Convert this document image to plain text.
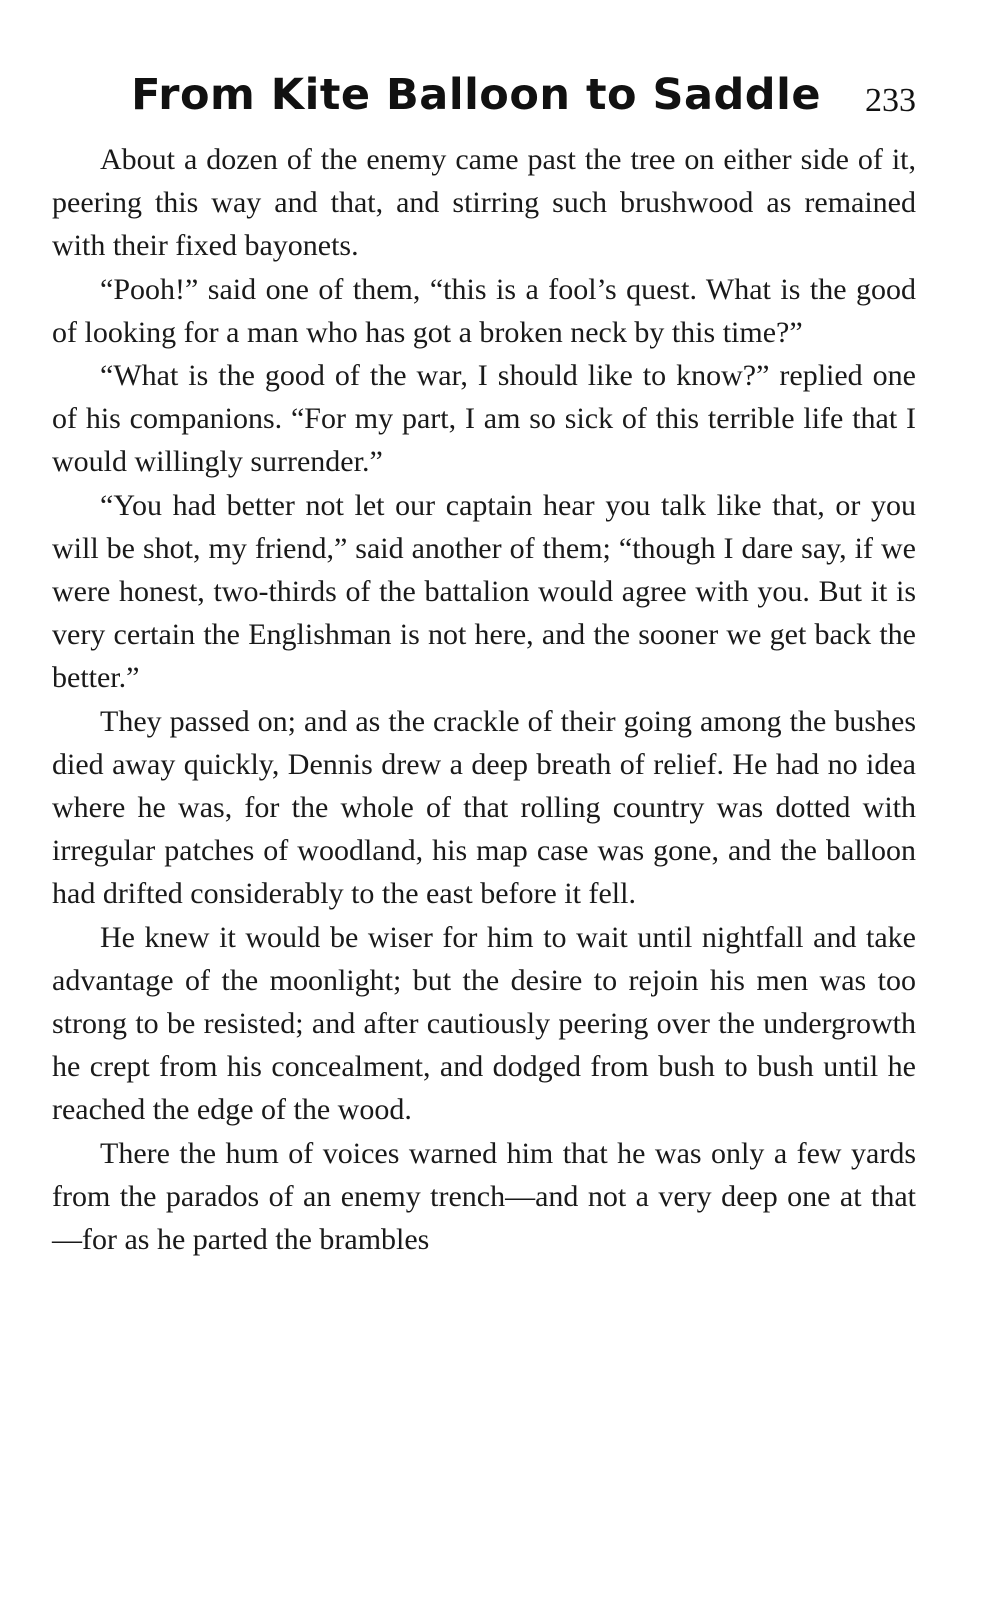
From Kite Balloon to Saddle 233

About a dozen of the enemy came past the tree on either side of it, peering this way and that, and stirring such brushwood as remained with their fixed bayonets.

“Pooh!” said one of them, “this is a fool’s quest. What is the good of looking for a man who has got a broken neck by this time?”

“What is the good of the war, I should like to know?” replied one of his companions. “For my part, I am so sick of this terrible life that I would willingly surrender.”

“You had better not let our captain hear you talk like that, or you will be shot, my friend,” said another of them; “though I dare say, if we were honest, two-thirds of the battalion would agree with you. But it is very certain the Englishman is not here, and the sooner we get back the better.”

They passed on; and as the crackle of their going among the bushes died away quickly, Dennis drew a deep breath of relief. He had no idea where he was, for the whole of that rolling country was dotted with irregular patches of woodland, his map case was gone, and the balloon had drifted considerably to the east before it fell.

He knew it would be wiser for him to wait until nightfall and take advantage of the moonlight; but the desire to rejoin his men was too strong to be resisted; and after cautiously peering over the undergrowth he crept from his concealment, and dodged from bush to bush until he reached the edge of the wood.

There the hum of voices warned him that he was only a few yards from the parados of an enemy trench—and not a very deep one at that—for as he parted the brambles
